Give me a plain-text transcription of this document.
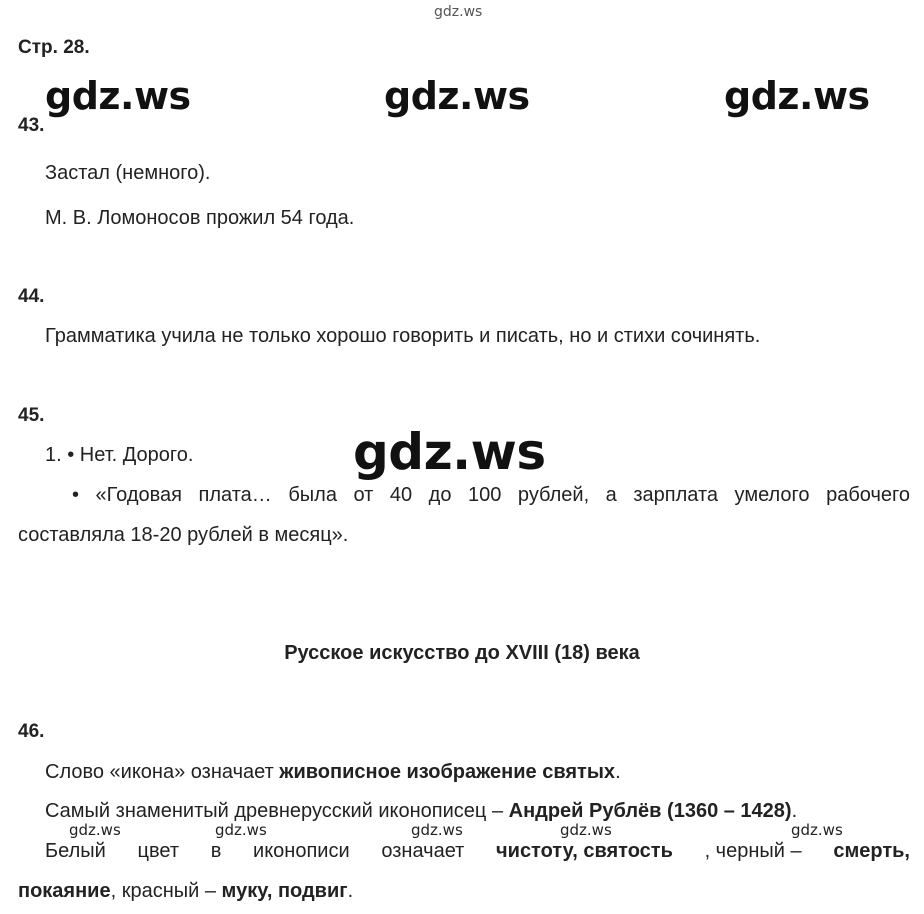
gdz.ws
Стр. 28.
gdz.ws	gdz.ws	gdz.ws
43.
Застал (немного).
М. В. Ломоносов прожил 54 года.
44.
Грамматика учила не только хорошо говорить и писать, но и стихи сочинять.
45.
1. • Нет. Дорого.
• «Годовая плата… была от 40 до 100 рублей, а зарплата умелого рабочего
составляла 18-20 рублей в месяц».
gdz.ws
Русское искусство до XVIII (18) века
46.
Слово «икона» означает живописное изображение святых.
Самый знаменитый древнерусский иконописец – Андрей Рублёв (1360 – 1428).
gdz.ws	gdz.ws	gdz.ws	gdz.ws	gdz.ws
Белый цвет в иконописи означает чистоту, святость , черный – смерть,
покаяние, красный – муку, подвиг.
